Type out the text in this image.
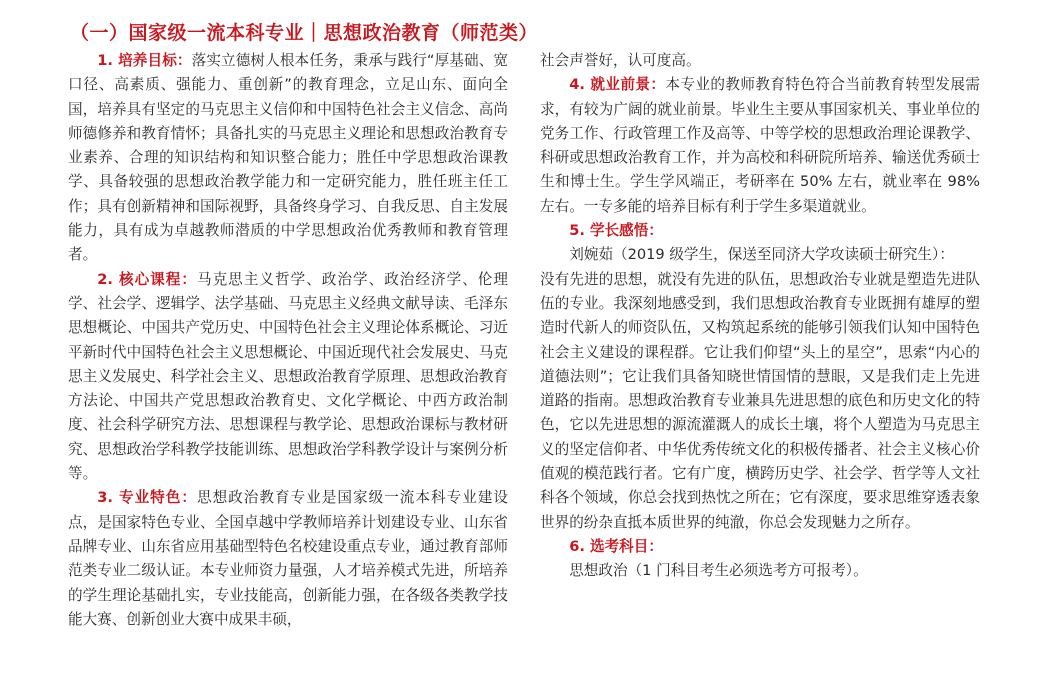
（一）国家级一流本科专业｜思想政治教育（师范类）

1. 培养目标：落实立德树人根本任务，秉承与践行“厚基础、宽口径、高素质、强能力、重创新”的教育理念，立足山东、面向全国，培养具有坚定的马克思主义信仰和中国特色社会主义信念、高尚师德修养和教育情怀；具备扎实的马克思主义理论和思想政治教育专业素养、合理的知识结构和知识整合能力；胜任中学思想政治课教学、具备较强的思想政治教学能力和一定研究能力，胜任班主任工作；具有创新精神和国际视野，具备终身学习、自我反思、自主发展能力，具有成为卓越教师潜质的中学思想政治优秀教师和教育管理者。

2. 核心课程：马克思主义哲学、政治学、政治经济学、伦理学、社会学、逻辑学、法学基础、马克思主义经典文献导读、毛泽东思想概论、中国共产党历史、中国特色社会主义理论体系概论、习近平新时代中国特色社会主义思想概论、中国近现代社会发展史、马克思主义发展史、科学社会主义、思想政治教育学原理、思想政治教育方法论、中国共产党思想政治教育史、文化学概论、中西方政治制度、社会科学研究方法、思想课程与教学论、思想政治课标与教材研究、思想政治学科教学技能训练、思想政治学科教学设计与案例分析等。

3. 专业特色：思想政治教育专业是国家级一流本科专业建设点，是国家特色专业、全国卓越中学教师培养计划建设专业、山东省品牌专业、山东省应用基础型特色名校建设重点专业，通过教育部师范类专业二级认证。本专业师资力量强，人才培养模式先进，所培养的学生理论基础扎实，专业技能高，创新能力强，在各级各类教学技能大赛、创新创业大赛中成果丰硕，

社会声誉好，认可度高。

4. 就业前景：本专业的教师教育特色符合当前教育转型发展需求，有较为广阔的就业前景。毕业生主要从事国家机关、事业单位的党务工作、行政管理工作及高等、中等学校的思想政治理论课教学、科研或思想政治教育工作，并为高校和科研院所培养、输送优秀硕士生和博士生。学生学风端正，考研率在 50% 左右，就业率在 98% 左右。一专多能的培养目标有利于学生多渠道就业。

5. 学长感悟：

刘婉茹（2019 级学生，保送至同济大学攻读硕士研究生）：

没有先进的思想，就没有先进的队伍，思想政治专业就是塑造先进队伍的专业。我深刻地感受到，我们思想政治教育专业既拥有雄厚的塑造时代新人的师资队伍，又构筑起系统的能够引领我们认知中国特色社会主义建设的课程群。它让我们仰望“头上的星空”，思索“内心的道德法则”；它让我们具备知晓世情国情的慧眼，又是我们走上先进道路的指南。思想政治教育专业兼具先进思想的底色和历史文化的特色，它以先进思想的源流灌溉人的成长土壤，将个人塑造为马克思主义的坚定信仰者、中华优秀传统文化的积极传播者、社会主义核心价值观的模范践行者。它有广度，横跨历史学、社会学、哲学等人文社科各个领域，你总会找到热忱之所在；它有深度，要求思维穿透表象世界的纷杂直抵本质世界的纯澈，你总会发现魅力之所存。

6. 选考科目：

思想政治（1 门科目考生必须选考方可报考）。
